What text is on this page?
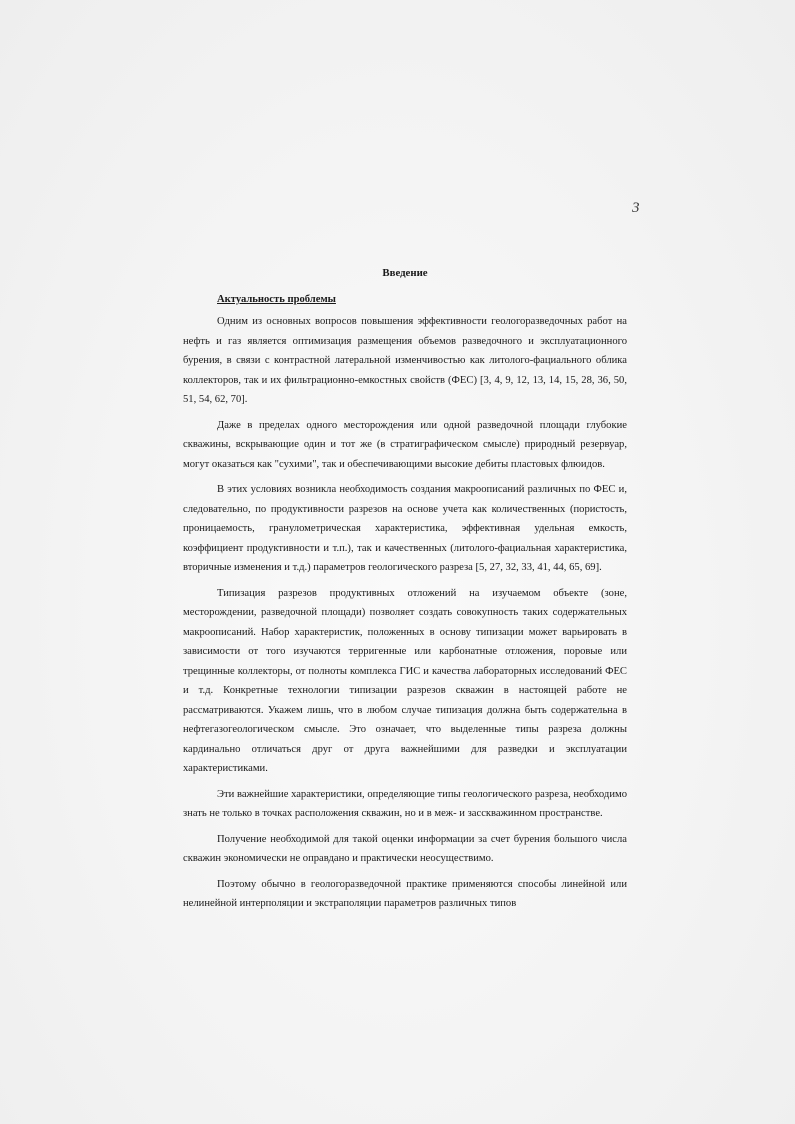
3
Введение
Актуальность проблемы

Одним из основных вопросов повышения эффективности геологоразведочных работ на нефть и газ является оптимизация размещения объемов разведочного и эксплуатационного бурения, в связи с контрастной латеральной изменчивостью как литолого-фациального облика коллекторов, так и их фильтрационно-емкостных свойств (ФЕС) [3, 4, 9, 12, 13, 14, 15, 28, 36, 50, 51, 54, 62, 70].

Даже в пределах одного месторождения или одной разведочной площади глубокие скважины, вскрывающие один и тот же (в стратиграфическом смысле) природный резервуар, могут оказаться как "сухими", так и обеспечивающими высокие дебиты пластовых флюидов.

В этих условиях возникла необходимость создания макроописаний различных по ФЕС и, следовательно, по продуктивности разрезов на основе учета как количественных (пористость, проницаемость, гранулометрическая характеристика, эффективная удельная емкость, коэффициент продуктивности и т.п.), так и качественных (литолого-фациальная характеристика, вторичные изменения и т.д.) параметров геологического разреза [5, 27, 32, 33, 41, 44, 65, 69].

Типизация разрезов продуктивных отложений на изучаемом объекте (зоне, месторождении, разведочной площади) позволяет создать совокупность таких содержательных макроописаний. Набор характеристик, положенных в основу типизации может варьировать в зависимости от того изучаются терригенные или карбонатные отложения, поровые или трещинные коллекторы, от полноты комплекса ГИС и качества лабораторных исследований ФЕС и т.д. Конкретные технологии типизации разрезов скважин в настоящей работе не рассматриваются. Укажем лишь, что в любом случае типизация должна быть содержательна в нефтегазогеологическом смысле. Это означает, что выделенные типы разреза должны кардинально отличаться друг от друга важнейшими для разведки и эксплуатации характеристиками.

Эти важнейшие характеристики, определяющие типы геологического разреза, необходимо знать не только в точках расположения скважин, но и в меж- и засскважинном пространстве.

Получение необходимой для такой оценки информации за счет бурения большого числа скважин экономически не оправдано и практически неосуществимо.

Поэтому обычно в геологоразведочной практике применяются способы линейной или нелинейной интерполяции и экстраполяции параметров различных типов
